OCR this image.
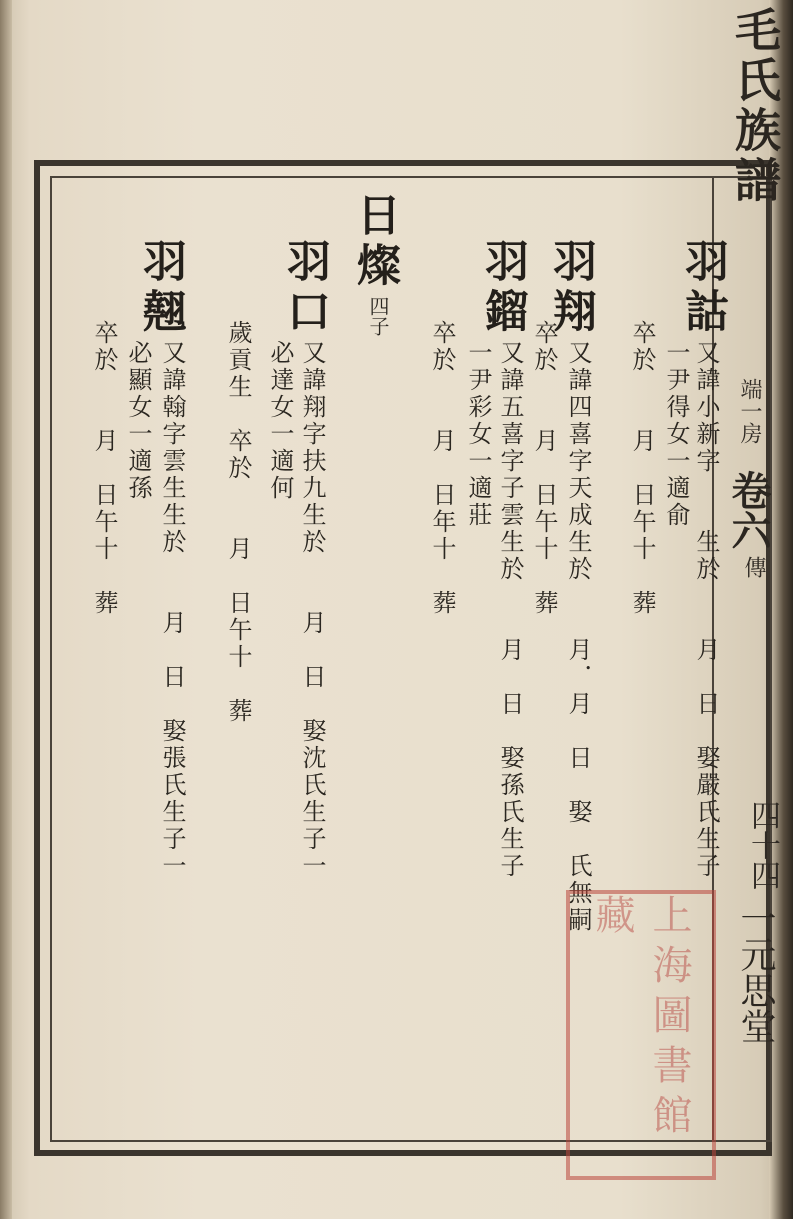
毛氏族譜
端一房
卷六
傳
四十四
一元思堂
羽詁
又諱小新字　　生於　　月　日　娶嚴氏生子
一尹得女一適俞
卒於　　月　日午十　葬
羽翔
又諱四喜字天成生於　　月．月　日　娶　氏無嗣
卒於　　月　日午十　葬
羽鎦
又諱五喜字子雲生於　　月　日　娶孫氏生子
一尹彩女一適莊
卒於　　月　日年十　葬
日燦
四子
羽口
又諱翔字扶九生於　　月　日　娶沈氏生子一
必達女一適何
歲貢生　卒於　　月　日午十　葬
羽翹
又諱翰字雲生生於　　月　日　娶張氏生子一
必顯女一適孫
卒於　　月　日午十　葬
上海圖書館藏
